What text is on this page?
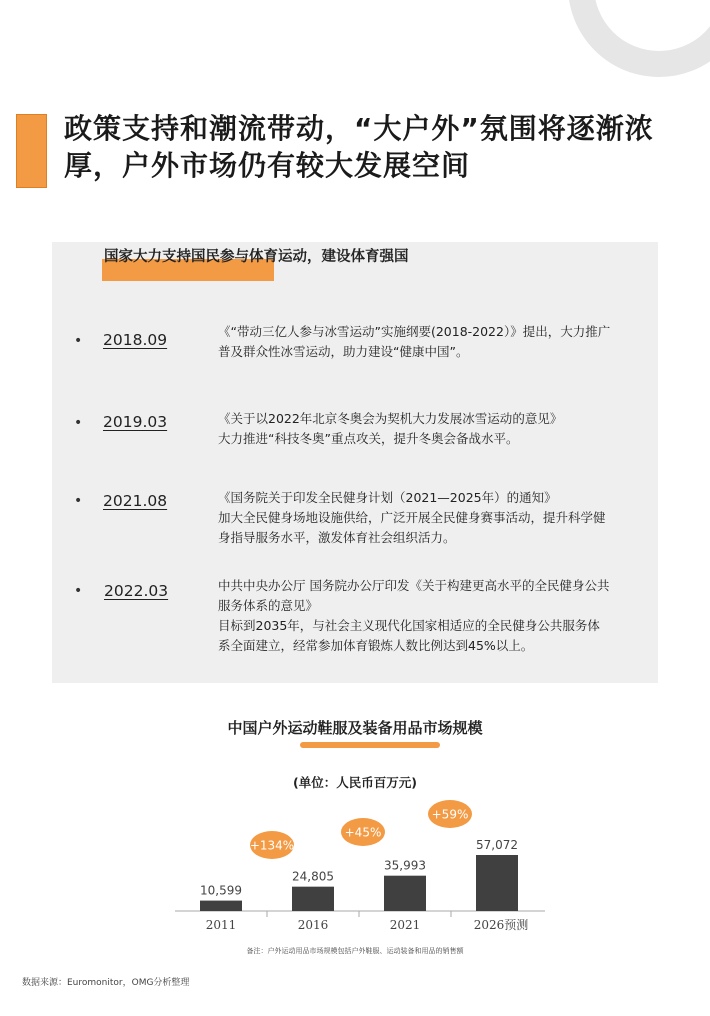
政策支持和潮流带动，“大户外”氛围将逐渐浓
厚，户外市场仍有较大发展空间
国家大力支持国民参与体育运动，建设体育强国
• 2018.09	《“带动三亿人参与冰雪运动”实施纲要(2018-2022）》提出，大力推广
普及群众性冰雪运动，助力建设“健康中国”。
• 2019.03	《关于以2022年北京冬奥会为契机大力发展冰雪运动的意见》
大力推进“科技冬奥”重点攻关，提升冬奥会备战水平。
• 2021.08	《国务院关于印发全民健身计划（2021—2025年）的通知》
加大全民健身场地设施供给，广泛开展全民健身赛事活动，提升科学健
身指导服务水平，激发体育社会组织活力。
• 2022.03	中共中央办公厅 国务院办公厅印发《关于构建更高水平的全民健身公共
服务体系的意见》
目标到2035年，与社会主义现代化国家相适应的全民健身公共服务体
系全面建立，经常参加体育锻炼人数比例达到45%以上。
中国户外运动鞋服及装备用品市场规模
(单位：人民币百万元)
10,599
2011
24,805
2016
35,993
2021
57,072
2026预测
+134%
+45%
+59%
备注：户外运动用品市场规模包括户外鞋服、运动装备和用品的销售额
数据来源：Euromonitor，OMG分析整理
